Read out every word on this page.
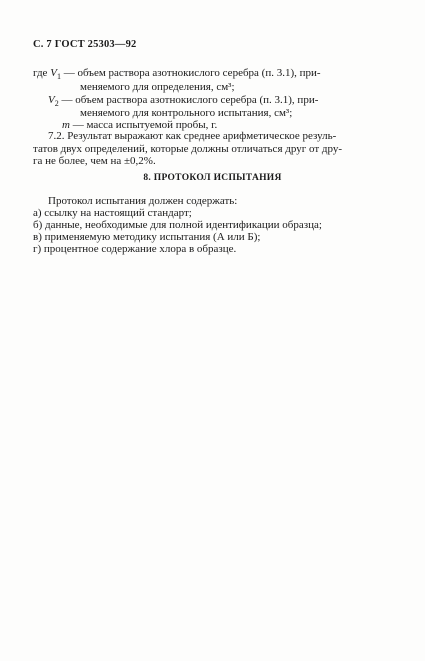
С. 7 ГОСТ 25303—92
где $V_1$ — объем раствора азотнокислого серебра (п. 3.1), при-
меняемого для определения, см³;
$V_2$ — объем раствора азотнокислого серебра (п. 3.1), при-
меняемого для контрольного испытания, см³;
m — масса испытуемой пробы, г.
7.2. Результат выражают как среднее арифметическое резуль-
татов двух определений, которые должны отличаться друг от дру-
га не более, чем на ±0,2%.
8. ПРОТОКОЛ ИСПЫТАНИЯ
Протокол испытания должен содержать:
а) ссылку на настоящий стандарт;
б) данные, необходимые для полной идентификации образца;
в) применяемую методику испытания (А или Б);
г) процентное содержание хлора в образце.
